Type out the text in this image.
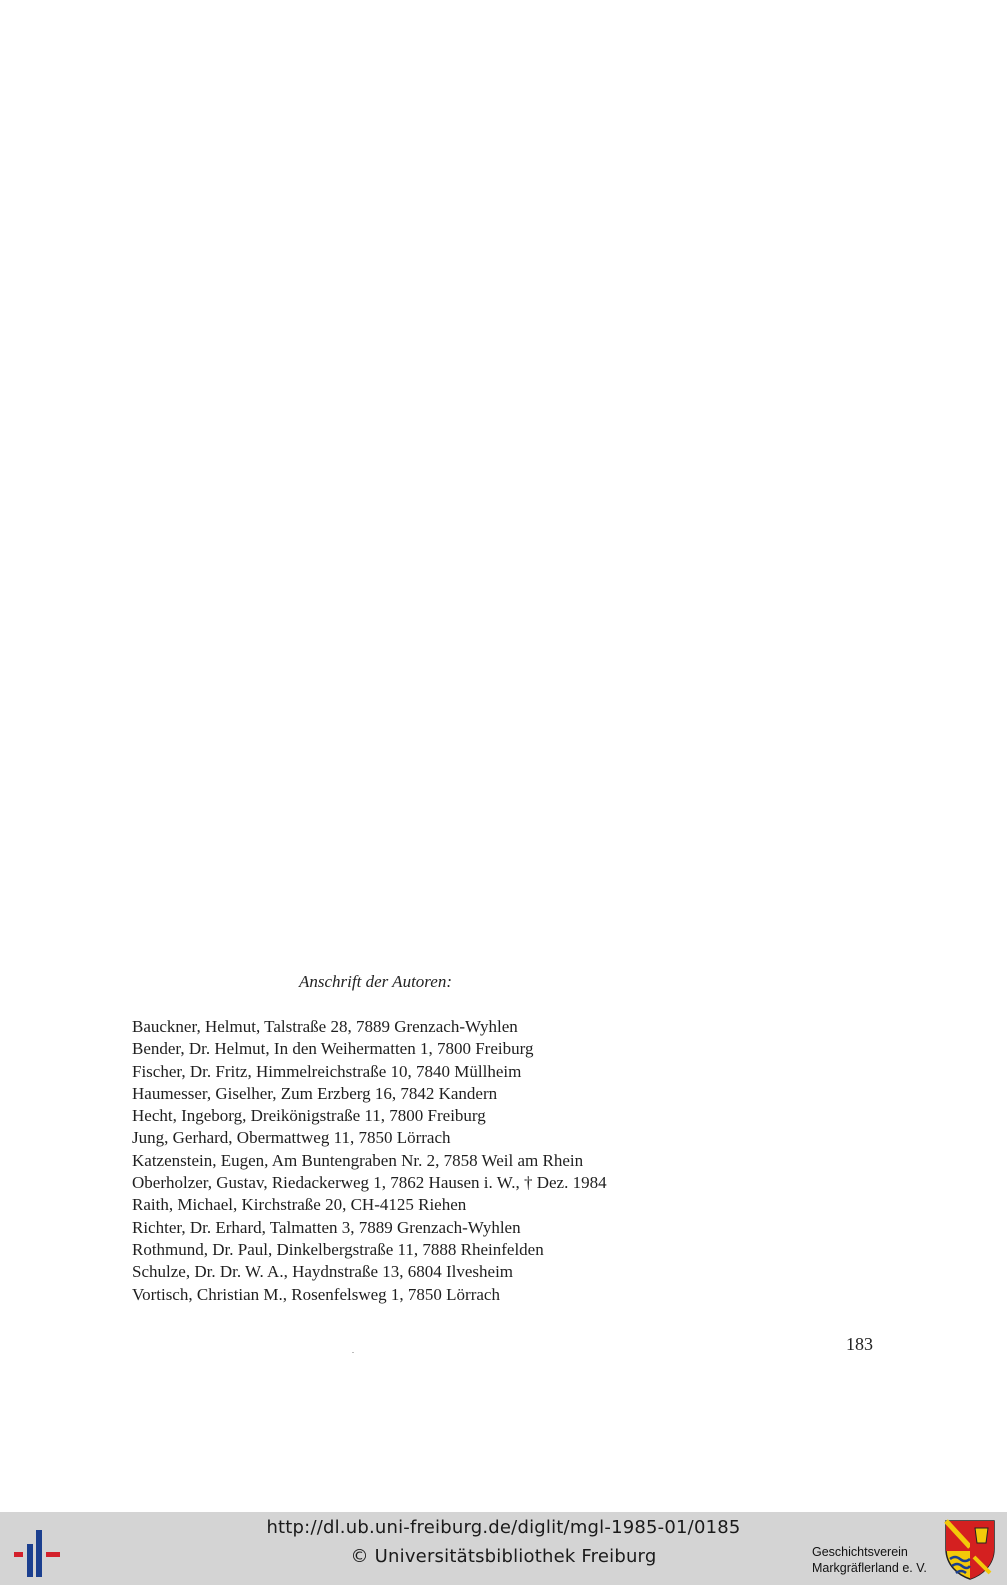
Anschrift der Autoren:
Bauckner, Helmut, Talstraße 28, 7889 Grenzach-Wyhlen
Bender, Dr. Helmut, In den Weihermatten 1, 7800 Freiburg
Fischer, Dr. Fritz, Himmelreichstraße 10, 7840 Müllheim
Haumesser, Giselher, Zum Erzberg 16, 7842 Kandern
Hecht, Ingeborg, Dreikönigstraße 11, 7800 Freiburg
Jung, Gerhard, Obermattweg 11, 7850 Lörrach
Katzenstein, Eugen, Am Buntengraben Nr. 2, 7858 Weil am Rhein
Oberholzer, Gustav, Riedackerweg 1, 7862 Hausen i. W., † Dez. 1984
Raith, Michael, Kirchstraße 20, CH-4125 Riehen
Richter, Dr. Erhard, Talmatten 3, 7889 Grenzach-Wyhlen
Rothmund, Dr. Paul, Dinkelbergstraße 11, 7888 Rheinfelden
Schulze, Dr. Dr. W. A., Haydnstraße 13, 6804 Ilvesheim
Vortisch, Christian M., Rosenfelsweg 1, 7850 Lörrach
183
http://dl.ub.uni-freiburg.de/diglit/mgl-1985-01/0185
© Universitätsbibliothek Freiburg	Geschichtsverein
Markgräflerland e. V.
